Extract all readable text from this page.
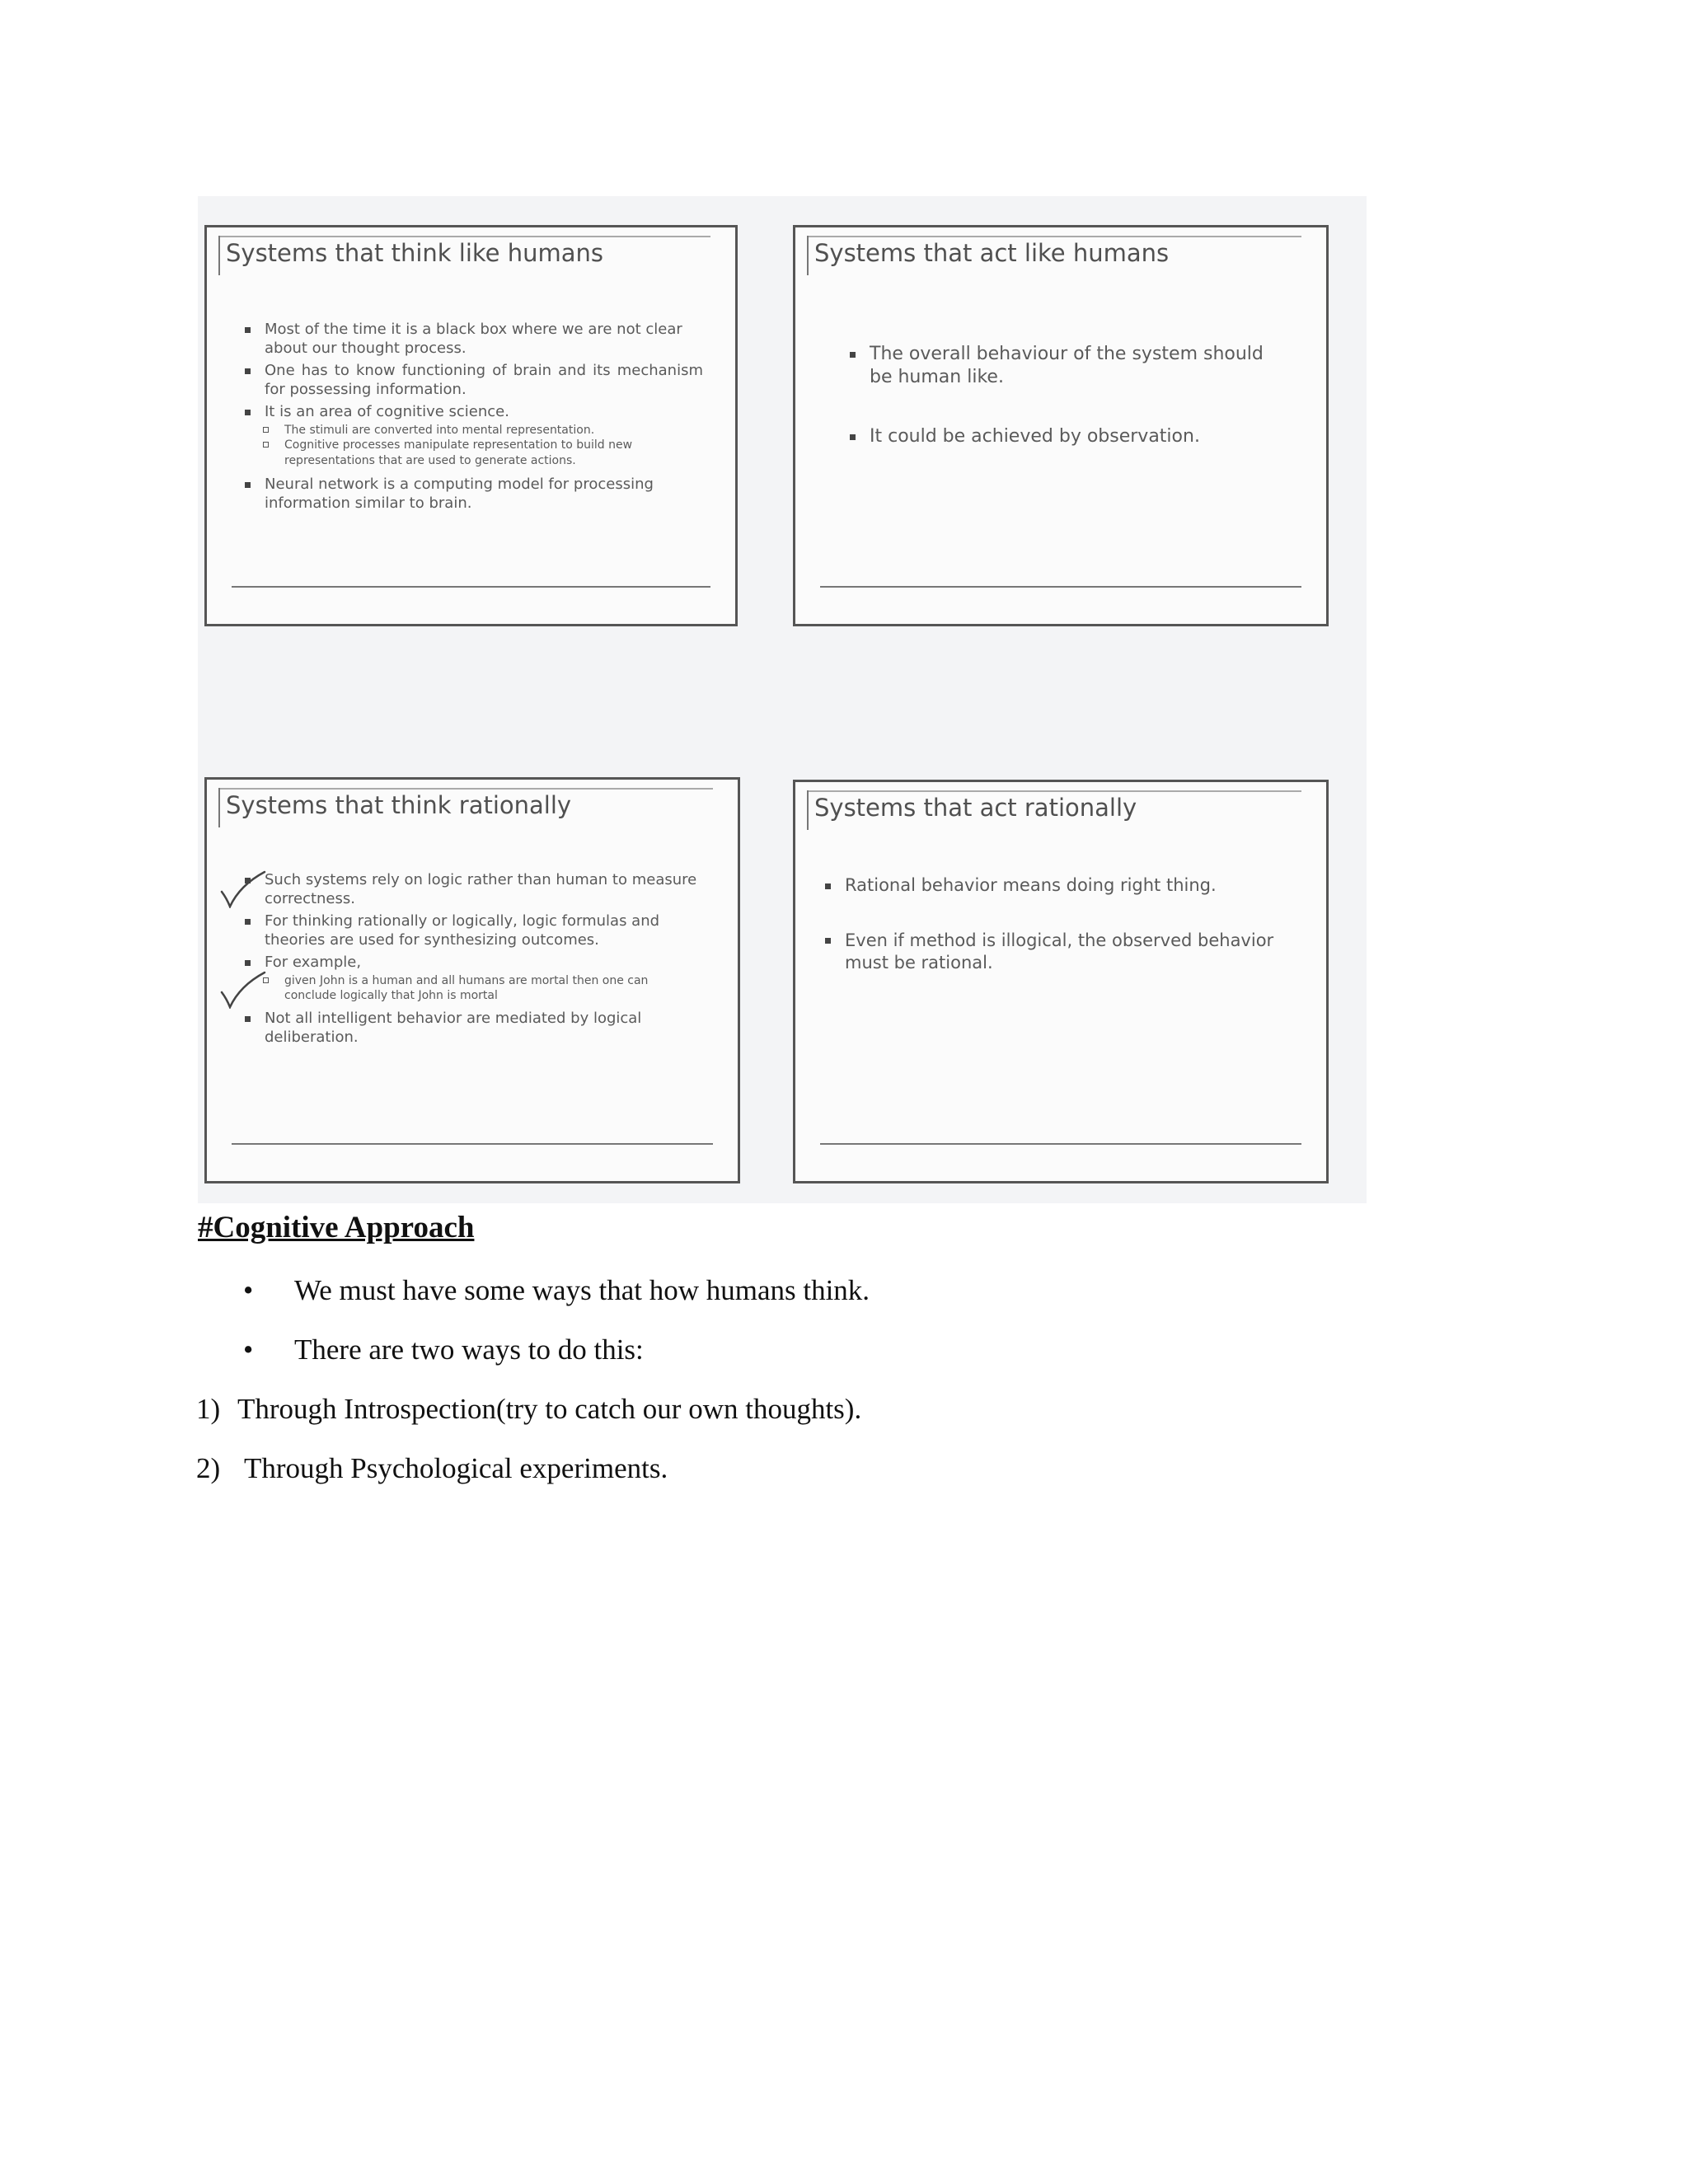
Systems that think like humans
Most of the time it is a black box where we are not clear about our thought process.
One has to know functioning of brain and its mechanism for possessing information.
It is an area of cognitive science.
The stimuli are converted into mental representation.
Cognitive processes manipulate representation to build new representations that are used to generate actions.
Neural network is a computing model for processing information similar to brain.
Systems that act like humans
The overall behaviour of the system should be human like.
It could be achieved by observation.
Systems that think rationally
Such systems rely on logic rather than human to measure correctness.
For thinking rationally or logically, logic formulas and theories are used for synthesizing outcomes.
For example,
given John is a human and all humans are mortal then one can conclude logically that John is mortal
Not all intelligent behavior are mediated by logical deliberation.
Systems that act rationally
Rational behavior means doing right thing.
Even if method is illogical, the observed behavior must be rational.
#Cognitive Approach
• We must have some ways that how humans think.
• There are two ways to do this:
1) Through Introspection(try to catch our own thoughts).
2) Through Psychological experiments.
